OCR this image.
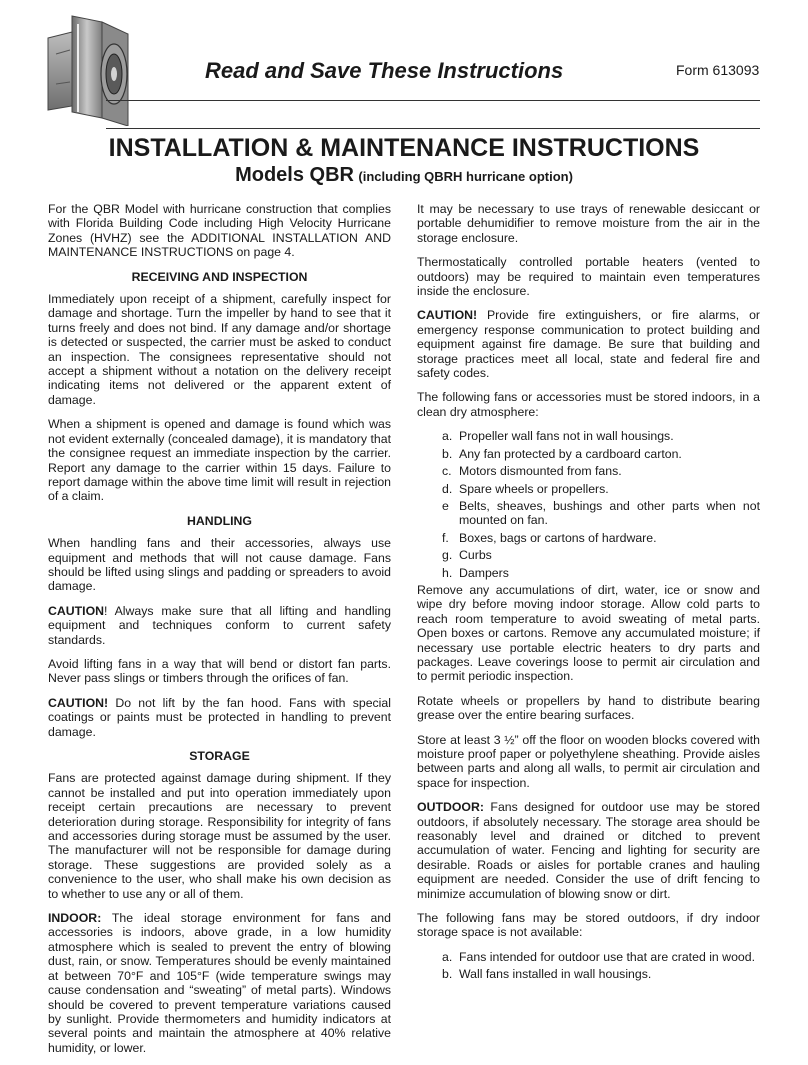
Read and Save These Instructions	Form 613093
INSTALLATION & MAINTENANCE INSTRUCTIONS
Models QBR (including QBRH hurricane option)

For the QBR Model with hurricane construction that complies with Florida Building Code including High Velocity Hurricane Zones (HVHZ) see the ADDITIONAL INSTALLATION AND MAINTENANCE INSTRUCTIONS on page 4.

RECEIVING AND INSPECTION

Immediately upon receipt of a shipment, carefully inspect for damage and shortage. Turn the impeller by hand to see that it turns freely and does not bind. If any damage and/or shortage is detected or suspected, the carrier must be asked to conduct an inspection. The consignees representative should not accept a shipment without a notation on the delivery receipt indicating items not delivered or the apparent extent of damage.

When a shipment is opened and damage is found which was not evident externally (concealed damage), it is mandatory that the consignee request an immediate inspection by the carrier. Report any damage to the carrier within 15 days. Failure to report damage within the above time limit will result in rejection of a claim.

HANDLING

When handling fans and their accessories, always use equipment and methods that will not cause damage. Fans should be lifted using slings and padding or spreaders to avoid damage.

CAUTION! Always make sure that all lifting and handling equipment and techniques conform to current safety standards.

Avoid lifting fans in a way that will bend or distort fan parts. Never pass slings or timbers through the orifices of fan.

CAUTION! Do not lift by the fan hood. Fans with special coatings or paints must be protected in handling to prevent damage.

STORAGE

Fans are protected against damage during shipment. If they cannot be installed and put into operation immediately upon receipt certain precautions are necessary to prevent deterioration during storage. Responsibility for integrity of fans and accessories during storage must be assumed by the user. The manufacturer will not be responsible for damage during storage. These suggestions are provided solely as a convenience to the user, who shall make his own decision as to whether to use any or all of them.

INDOOR: The ideal storage environment for fans and accessories is indoors, above grade, in a low humidity atmosphere which is sealed to prevent the entry of blowing dust, rain, or snow. Temperatures should be evenly maintained at between 70°F and 105°F (wide temperature swings may cause condensation and “sweating” of metal parts). Windows should be covered to prevent temperature variations caused by sunlight. Provide thermometers and humidity indicators at several points and maintain the atmosphere at 40% relative humidity, or lower.

It may be necessary to use trays of renewable desiccant or portable dehumidifier to remove moisture from the air in the storage enclosure.

Thermostatically controlled portable heaters (vented to outdoors) may be required to maintain even temperatures inside the enclosure.

CAUTION! Provide fire extinguishers, or fire alarms, or emergency response communication to protect building and equipment against fire damage. Be sure that building and storage practices meet all local, state and federal fire and safety codes.

The following fans or accessories must be stored indoors, in a clean dry atmosphere:

a. Propeller wall fans not in wall housings.
b. Any fan protected by a cardboard carton.
c. Motors dismounted from fans.
d. Spare wheels or propellers.
e Belts, sheaves, bushings and other parts when not mounted on fan.
f. Boxes, bags or cartons of hardware.
g. Curbs
h. Dampers

Remove any accumulations of dirt, water, ice or snow and wipe dry before moving indoor storage. Allow cold parts to reach room temperature to avoid sweating of metal parts. Open boxes or cartons. Remove any accumulated moisture; if necessary use portable electric heaters to dry parts and packages. Leave coverings loose to permit air circulation and to permit periodic inspection.

Rotate wheels or propellers by hand to distribute bearing grease over the entire bearing surfaces.

Store at least 3 ½” off the floor on wooden blocks covered with moisture proof paper or polyethylene sheathing. Provide aisles between parts and along all walls, to permit air circulation and space for inspection.

OUTDOOR: Fans designed for outdoor use may be stored outdoors, if absolutely necessary. The storage area should be reasonably level and drained or ditched to prevent accumulation of water. Fencing and lighting for security are desirable. Roads or aisles for portable cranes and hauling equipment are needed. Consider the use of drift fencing to minimize accumulation of blowing snow or dirt.

The following fans may be stored outdoors, if dry indoor storage space is not available:

a. Fans intended for outdoor use that are crated in wood.
b. Wall fans installed in wall housings.
